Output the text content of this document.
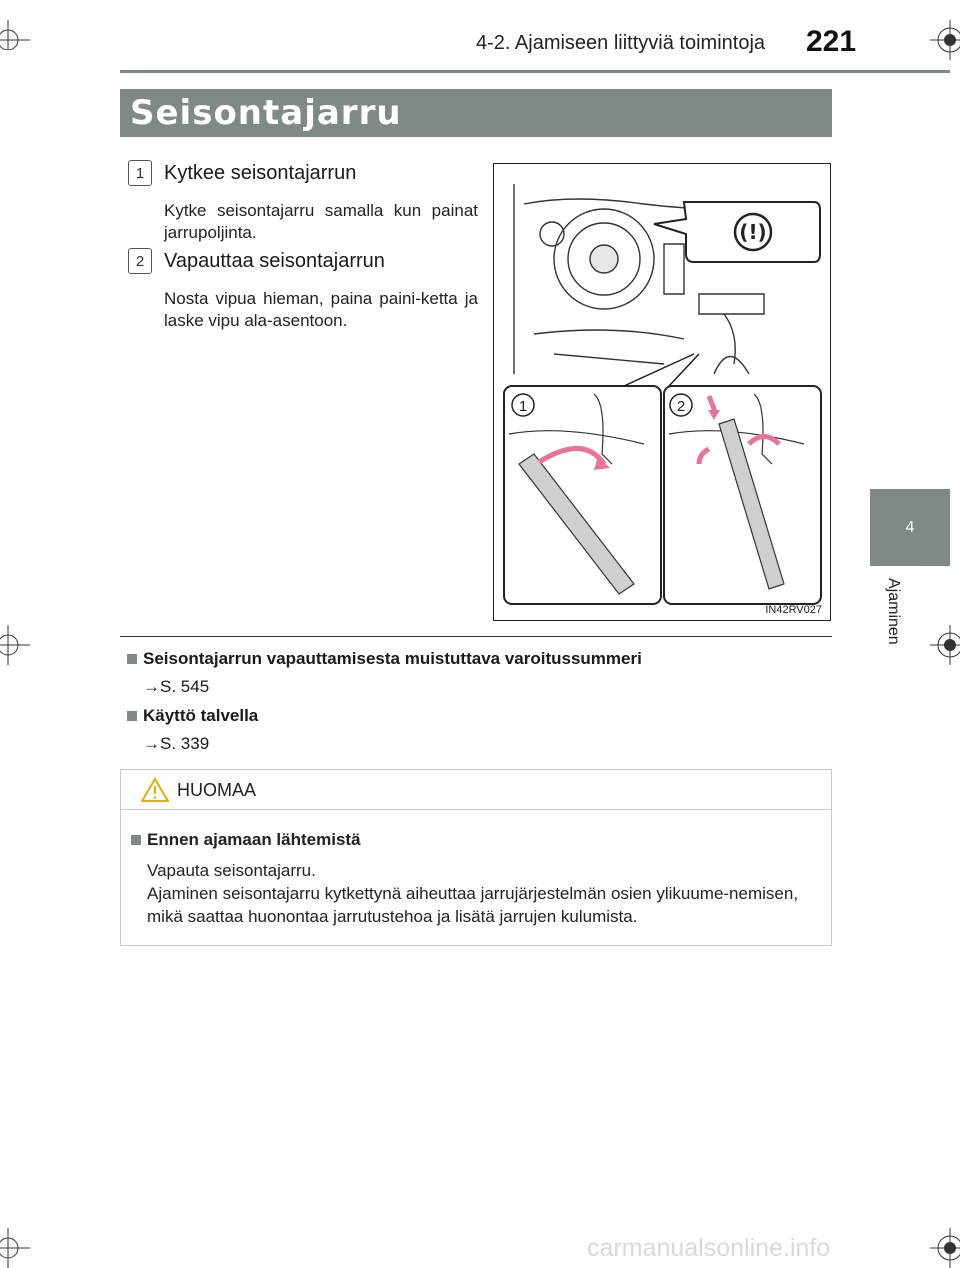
4-2. Ajamiseen liittyviä toimintoja 221
Seisontajarru
4
Ajaminen
1 Kytkee seisontajarrun
Kytke seisontajarru samalla kun painat jarrupoljinta.
2 Vapauttaa seisontajarrun
Nosta vipua hieman, paina paini-ketta ja laske vipu ala-asentoon.
(!)
1	2
IN42RV027
Seisontajarrun vapauttamisesta muistuttava varoitussummeri
→S. 545
Käyttö talvella
→S. 339
HUOMAA
Ennen ajamaan lähtemistä
Vapauta seisontajarru.
Ajaminen seisontajarru kytkettynä aiheuttaa jarrujärjestelmän osien ylikuume-nemisen, mikä saattaa huonontaa jarrutustehoa ja lisätä jarrujen kulumista.
carmanualsonline.info
